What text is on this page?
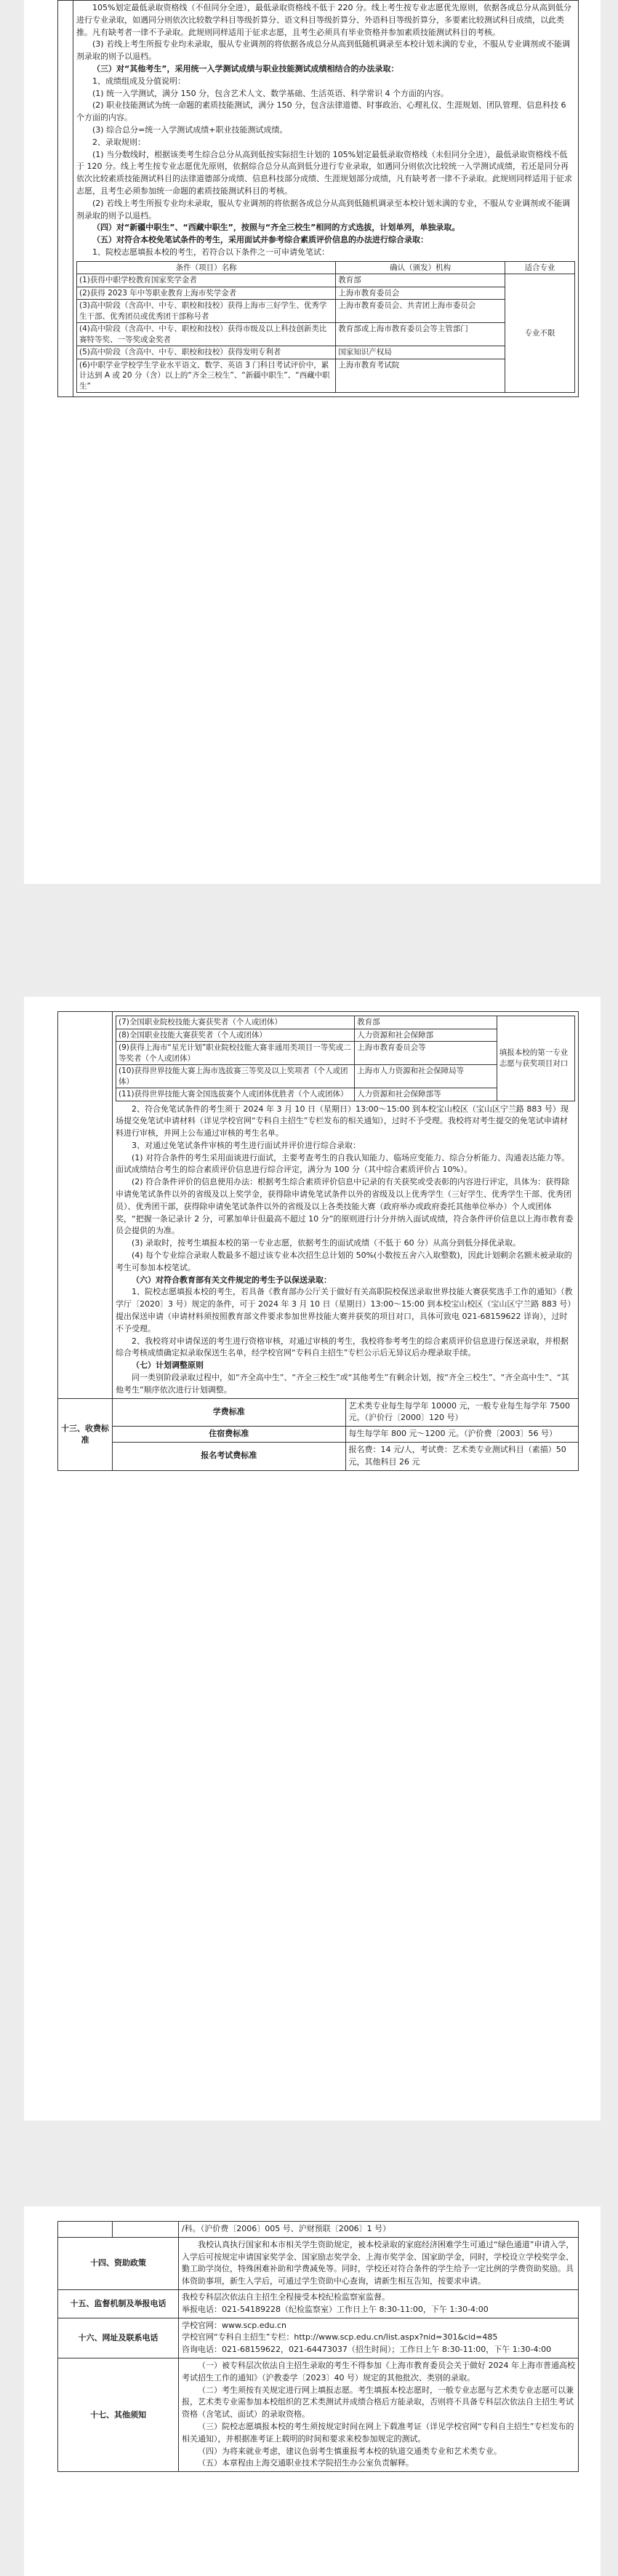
105%划定最低录取资格线（不但同分全进），最低录取资格线不低于 220 分。线上考生按专业志愿优先原则，依据各成总分从高到低分进行专业录取，如遇同分则依次比较数学科目等级折算分、语文科目等级折算分、外语科目等级折算分，多要素比较测试科目成绩，以此类推。凡有缺考者一律不予录取。此规则同样适用于征求志愿，且考生必须具有毕业资格并参加素质技能测试科目的考核。

(3) 若线上考生所报专业均未录取，服从专业调剂的将依据各成总分从高到低随机调录至本校计划未满的专业，不服从专业调剂或不能调剂录取的则予以退档。

（三）对“其他考生”，采用统一入学测试成绩与职业技能测试成绩相结合的办法录取：

1、成绩组成及分值说明：

(1) 统一入学测试，满分 150 分，包含艺术人文、数学基础、生活英语、科学常识 4 个方面的内容。

(2) 职业技能测试为统一命题的素质技能测试，满分 150 分，包含法律道德、时事政治、心理礼仪、生涯规划、团队管理、信息科技 6 个方面的内容。

(3) 综合总分=统一入学测试成绩+职业技能测试成绩。

2、录取规则：

(1) 当分数线时，根据该类考生综合总分从高到低按实际招生计划的 105%划定最低录取资格线（未但同分全进），最低录取资格线不低于 120 分。线上考生按专业志愿优先原则，依据综合总分从高到低分进行专业录取，如遇同分则依次比较统一入学测试成绩，若还是同分再依次比较素质技能测试科目的法律道德部分成绩、信息科技部分成绩、生涯规划部分成绩，凡有缺考者一律不予录取。此规则同样适用于征求志愿，且考生必须参加统一命题的素质技能测试科目的考核。

(2) 若线上考生所报专业均未录取，服从专业调剂的将依据各成总分从高到低随机调录至本校计划未满的专业，不服从专业调剂或不能调剂录取的则予以退档。

（四）对“新疆中职生”、“西藏中职生”，按照与“齐全三校生”相同的方式选拔，计划单列，单独录取。

（五）对符合本校免笔试条件的考生，采用面试并参考综合素质评价信息的办法进行综合录取：

1、院校志愿填报本校的考生，若符合以下条件之一可申请免笔试：

条件（项目）名称	确认（颁发）机构	适合专业
(1)获得中职学校教育国家奖学金者	教育部	专业不限
(2)获得 2023 年中等职业教育上海市奖学金者	上海市教育委员会
(3)高中阶段（含高中、中专、职校和技校）获得上海市三好学生、优秀学生干部、优秀团员或优秀团干部称号者	上海市教育委员会、共青团上海市委员会
(4)高中阶段（含高中、中专、职校和技校）获得市级及以上科技创新类比赛特等奖、一等奖或金奖者	教育部或上海市教育委员会等主管部门
(5)高中阶段（含高中、中专、职校和技校）获得发明专利者	国家知识产权局
(6)中职学业学校学生学业水平语文、数学、英语 3 门科目考试评价中，累计达到 A 或 20 分（含）以上的“齐全三校生”、“新疆中职生”、“西藏中职生”	上海市教育考试院

(7)全国职业院校技能大赛获奖者（个人或团体）	教育部	填报本校的第一专业志愿与获奖项目对口
(8)全国职业技能大赛获奖者（个人或团体）	人力资源和社会保障部
(9)获得上海市“星光计划”职业院校技能大赛非通用类项目一等奖或二等奖者（个人或团体）	上海市教育委员会等
(10)获得世界技能大赛上海市选拔赛三等奖及以上奖项者（个人或团体）	上海市人力资源和社会保障局等
(11)获得世界技能大赛全国选拔赛个人或团体优胜者（个人或团体）	人力资源和社会保障部等

2、符合免笔试条件的考生须于 2024 年 3 月 10 日（星期日）13:00～15:00 到本校宝山校区（宝山区宁兰路 883 号）现场提交免笔试申请材料（详见学校官网“专科自主招生”专栏发布的相关通知），过时不予受理。我校将对考生提交的免笔试申请材料进行审核，并网上公布通过审核的考生名单。

3、对通过免笔试条件审核的考生进行面试并评价进行综合录取：

(1) 对符合条件的考生采用面谈进行面试，主要考查考生的自我认知能力、临场应变能力、综合分析能力、沟通表达能力等。面试成绩结合考生的综合素质评价信息进行综合评定，满分为 100 分（其中综合素质评价占 10%）。

(2) 符合条件评价的信息使用办法：根据考生综合素质评价信息中记录的有关获奖或受表彰的内容进行评定，具体为：获得除申请免笔试条件以外的省级及以上奖学金，获得除申请免笔试条件以外的省级及以上优秀学生（三好学生、优秀学生干部、优秀团员）、优秀团干部，获得除申请免笔试条件以外的省级及以上各类技能大赛（政府举办或政府委托其他单位举办）个人或团体奖，“把握一条记录计 2 分，可累加单计但最高不超过 10 分”的原则进行计分并纳入面试成绩，符合条件评价信息以上海市教育委员会提供的为准。

(3) 录取时，按考生填报本校的第一专业志愿，依据考生的面试成绩（不低于 60 分）从高分到低分择优录取。

(4) 每个专业综合录取人数最多不超过该专业本次招生总计划的 50%(小数按五舍六入取整数)，因此计划剩余名额未被录取的考生可参加本校笔试。

（六）对符合教育部有关文件规定的考生予以保送录取：

1、院校志愿填报本校的考生，若具备《教育部办公厅关于做好有关高职院校保送录取世界技能大赛获奖选手工作的通知》（教学厅〔2020〕3 号）规定的条件，可于 2024 年 3 月 10 日（星期日）13:00～15:00 到本校宝山校区（宝山区宁兰路 883 号）提出保送申请（申请材料须按照教育部文件要求参加世界技能大赛并获奖的项目对口，具体可致电 021-68159622 详询），过时不予受理。

2、我校将对申请保送的考生进行资格审核，对通过审核的考生，我校将参考考生的综合素质评价信息进行保送录取，并根据综合考核成绩确定拟录取保送生名单，经学校官网“专科自主招生”专栏公示后无异议后办理录取手续。

（七）计划调整原则

同一类别阶段录取过程中，如“齐全高中生”、“齐全三校生”或“其他考生”有剩余计划，按“齐全三校生”、“齐全高中生”、“其他考生”顺序依次进行计划调整。

十三、收费标准	学费标准	艺术类专业每生每学年 10000 元，一般专业每生每学年 7500 元。（沪价行〔2000〕120 号）
住宿费标准	每生每学年 800 元～1200 元。（沪价费〔2003〕56 号）
报名考试费标准	报名费：14 元/人，考试费：艺术类专业测试科目（素描）50 元，其他科目 26 元
		/科。（沪价费〔2006〕005 号、沪财预联〔2006〕1 号）
十四、资助政策		我校认真执行国家和本市相关学生资助规定，被本校录取的家庭经济困难学生可通过“绿色通道”申请入学，入学后可按规定申请国家奖学金、国家励志奖学金、上海市奖学金、国家助学金，同时，学校设立学校奖学金、勤工助学岗位，特殊困难补助和学费减免等。同时，学校还对符合条件的学生给予一定比例的学费资助奖励。具体资助事项，新生入学后，可通过学生资助中心查询，请新生相互告知，按要求申请。

十五、监督机制及举报电话		我校专科层次依法自主招生全程接受本校纪检监察室监督。
举报电话：021-54189228（纪检监察室）工作日上午 8:30-11:00，下午 1:30-4:00

十六、网址及联系电话		学校官网：www.scp.edu.cn
学校官网“专科自主招生”专栏：http://www.scp.edu.cn/list.aspx?nid=301&cid=485
咨询电话：021-68159622，021-64473037（招生时间）；工作日上午 8:30-11:00，下午 1:30-4:00

十七、其他须知		（一）被专科层次依法自主招生录取的考生不得参加《上海市教育委员会关于做好 2024 年上海市普通高校考试招生工作的通知》（沪教委学〔2023〕40 号）规定的其他批次、类别的录取。

（二）考生须按有关规定进行网上填报志愿。考生填报本校志愿时，一般专业志愿与艺术类专业志愿可以兼报，艺术类专业需参加本校组织的艺术类测试并成绩合格后方能录取，否则将不具备专科层次依法自主招生考试资格（含笔试、面试）的录取资格。

（三）院校志愿填报本校的考生须按规定时间在网上下载准考证（详见学校官网“专科自主招生”专栏发布的相关通知），并根据准考证上载明的时间和要求来校参加规定的测试。

（四）为将来就业考虑，建议色弱考生慎重报考本校的轨道交通类专业和艺术类专业。

（五）本章程由上海交通职业技术学院招生办公室负责解释。
